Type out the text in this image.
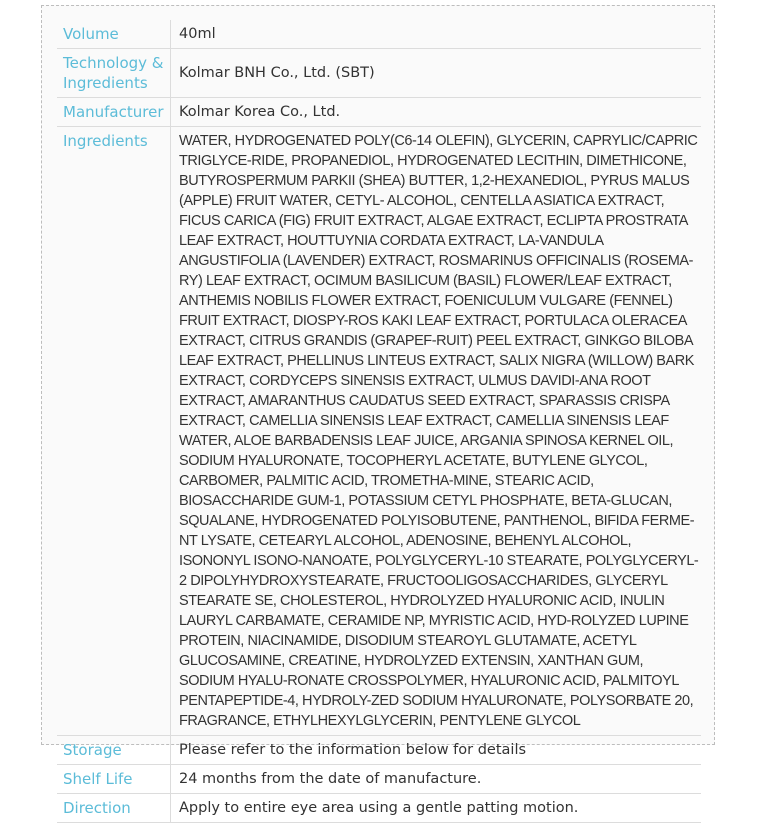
Volume	40ml
Technology & Ingredients	Kolmar BNH Co., Ltd. (SBT)
Manufacturer	Kolmar Korea Co., Ltd.
Ingredients	WATER, HYDROGENATED POLY(C6-14 OLEFIN), GLYCERIN, CAPRYLIC/CAPRIC TRIGLYCE-RIDE, PROPANEDIOL, HYDROGENATED LECITHIN, DIMETHICONE, BUTYROSPERMUM PARKII (SHEA) BUTTER, 1,2-HEXANEDIOL, PYRUS MALUS (APPLE) FRUIT WATER, CETYL- ALCOHOL, CENTELLA ASIATICA EXTRACT, FICUS CARICA (FIG) FRUIT EXTRACT, ALGAE EXTRACT, ECLIPTA PROSTRATA LEAF EXTRACT, HOUTTUYNIA CORDATA EXTRACT, LA-VANDULA ANGUSTIFOLIA (LAVENDER) EXTRACT, ROSMARINUS OFFICINALIS (ROSEMA-RY) LEAF EXTRACT, OCIMUM BASILICUM (BASIL) FLOWER/LEAF EXTRACT, ANTHEMIS NOBILIS FLOWER EXTRACT, FOENICULUM VULGARE (FENNEL) FRUIT EXTRACT, DIOSPY-ROS KAKI LEAF EXTRACT, PORTULACA OLERACEA EXTRACT, CITRUS GRANDIS (GRAPEF-RUIT) PEEL EXTRACT, GINKGO BILOBA LEAF EXTRACT, PHELLINUS LINTEUS EXTRACT, SALIX NIGRA (WILLOW) BARK EXTRACT, CORDYCEPS SINENSIS EXTRACT, ULMUS DAVIDI-ANA ROOT EXTRACT, AMARANTHUS CAUDATUS SEED EXTRACT, SPARASSIS CRISPA EXTRACT, CAMELLIA SINENSIS LEAF EXTRACT, CAMELLIA SINENSIS LEAF WATER, ALOE BARBADENSIS LEAF JUICE, ARGANIA SPINOSA KERNEL OIL, SODIUM HYALURONATE, TOCOPHERYL ACETATE, BUTYLENE GLYCOL, CARBOMER, PALMITIC ACID, TROMETHA-MINE, STEARIC ACID, BIOSACCHARIDE GUM-1, POTASSIUM CETYL PHOSPHATE, BETA-GLUCAN, SQUALANE, HYDROGENATED POLYISOBUTENE, PANTHENOL, BIFIDA FERME-NT LYSATE, CETEARYL ALCOHOL, ADENOSINE, BEHENYL ALCOHOL, ISONONYL ISONO-NANOATE, POLYGLYCERYL-10 STEARATE, POLYGLYCERYL-2 DIPOLYHYDROXYSTEARATE, FRUCTOOLIGOSACCHARIDES, GLYCERYL STEARATE SE, CHOLESTEROL, HYDROLYZED HYALURONIC ACID, INULIN LAURYL CARBAMATE, CERAMIDE NP, MYRISTIC ACID, HYD-ROLYZED LUPINE PROTEIN, NIACINAMIDE, DISODIUM STEAROYL GLUTAMATE, ACETYL GLUCOSAMINE, CREATINE, HYDROLYZED EXTENSIN, XANTHAN GUM, SODIUM HYALU-RONATE CROSSPOLYMER, HYALURONIC ACID, PALMITOYL PENTAPEPTIDE-4, HYDROLY-ZED SODIUM HYALURONATE, POLYSORBATE 20, FRAGRANCE, ETHYLHEXYLGLYCERIN, PENTYLENE GLYCOL
Storage	Please refer to the information below for details
Shelf Life	24 months from the date of manufacture.
Direction	Apply to entire eye area using a gentle patting motion.
